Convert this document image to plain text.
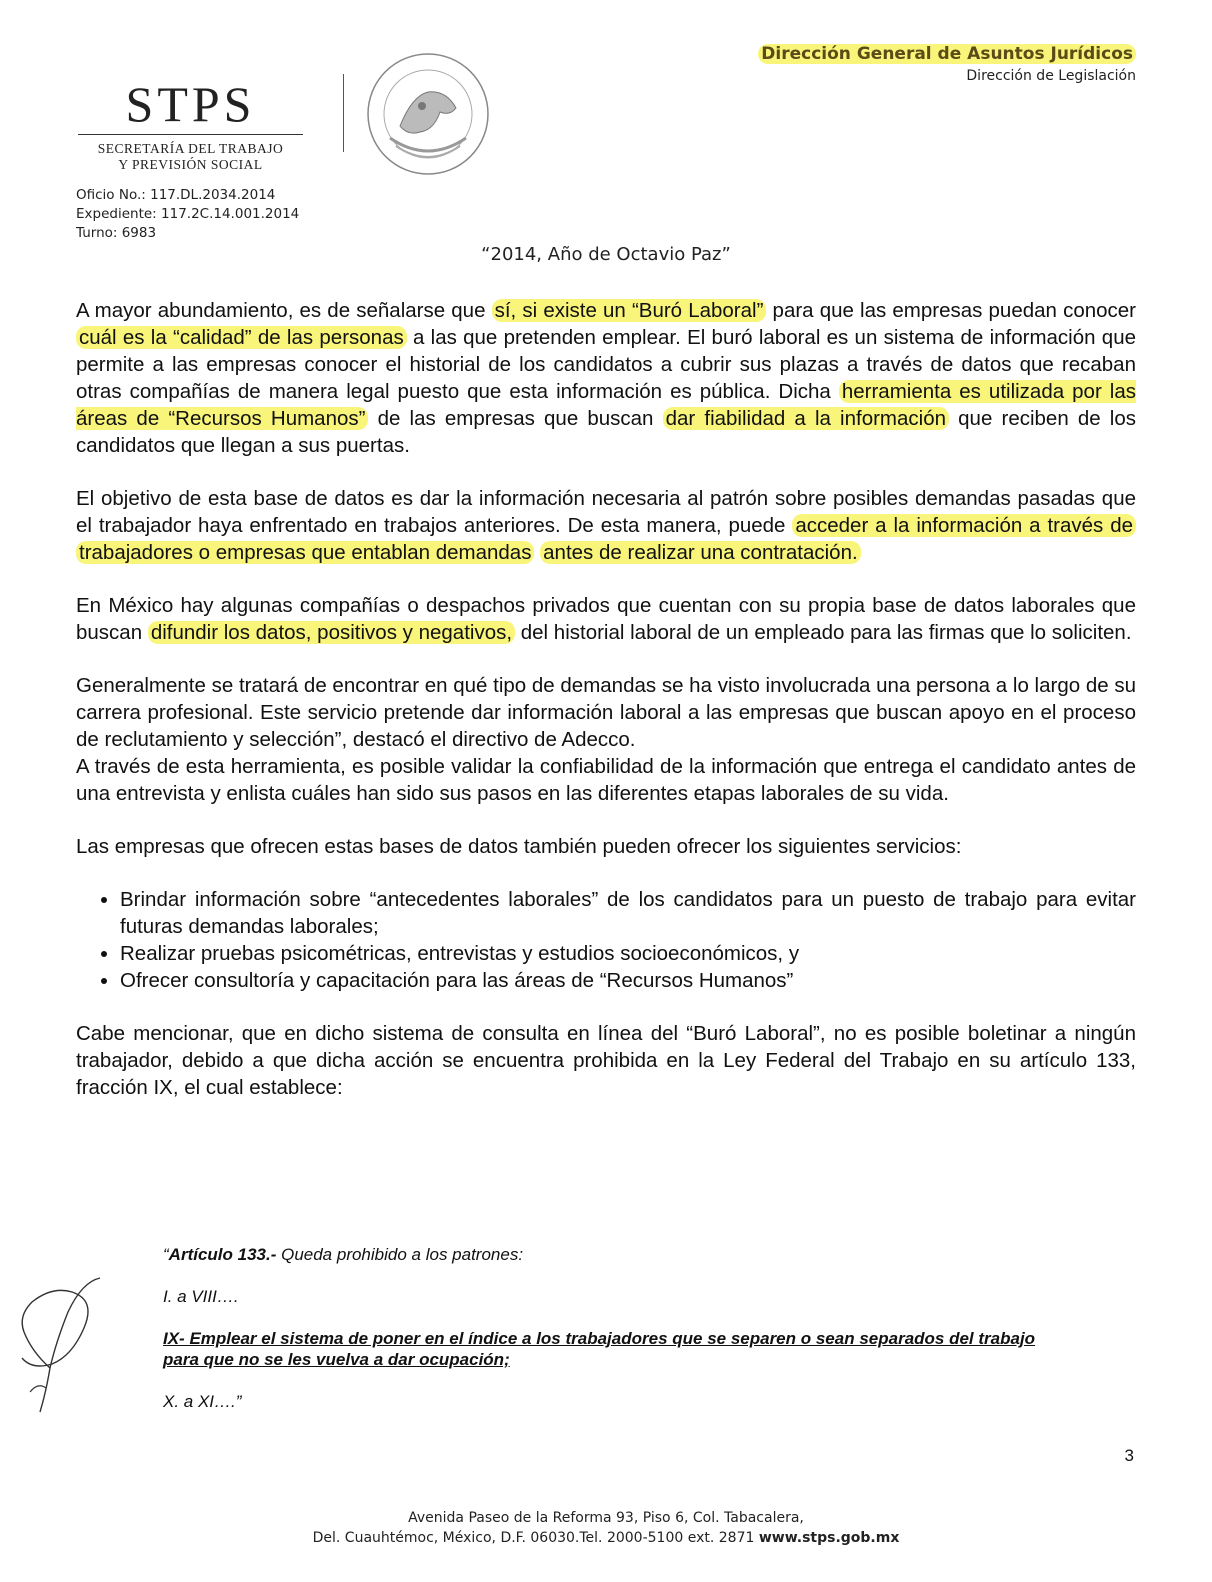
STPS
SECRETARÍA DEL TRABAJO
Y PREVISIÓN SOCIAL
Dirección General de Asuntos Jurídicos
Dirección de Legislación
Oficio No.: 117.DL.2034.2014
Expediente: 117.2C.14.001.2014
Turno: 6983
“2014, Año de Octavio Paz”

A mayor abundamiento, es de señalarse que sí, si existe un “Buró Laboral” para que las empresas puedan conocer cuál es la “calidad” de las personas a las que pretenden emplear. El buró laboral es un sistema de información que permite a las empresas conocer el historial de los candidatos a cubrir sus plazas a través de datos que recaban otras compañías de manera legal puesto que esta información es pública. Dicha herramienta es utilizada por las áreas de “Recursos Humanos” de las empresas que buscan dar fiabilidad a la información que reciben de los candidatos que llegan a sus puertas.

El objetivo de esta base de datos es dar la información necesaria al patrón sobre posibles demandas pasadas que el trabajador haya enfrentado en trabajos anteriores. De esta manera, puede acceder a la información a través de trabajadores o empresas que entablan demandas antes de realizar una contratación.

En México hay algunas compañías o despachos privados que cuentan con su propia base de datos laborales que buscan difundir los datos, positivos y negativos, del historial laboral de un empleado para las firmas que lo soliciten.

Generalmente se tratará de encontrar en qué tipo de demandas se ha visto involucrada una persona a lo largo de su carrera profesional. Este servicio pretende dar información laboral a las empresas que buscan apoyo en el proceso de reclutamiento y selección”, destacó el directivo de Adecco.

A través de esta herramienta, es posible validar la confiabilidad de la información que entrega el candidato antes de una entrevista y enlista cuáles han sido sus pasos en las diferentes etapas laborales de su vida.

Las empresas que ofrecen estas bases de datos también pueden ofrecer los siguientes servicios:

• Brindar información sobre “antecedentes laborales” de los candidatos para un puesto de trabajo para evitar futuras demandas laborales;
• Realizar pruebas psicométricas, entrevistas y estudios socioeconómicos, y
• Ofrecer consultoría y capacitación para las áreas de “Recursos Humanos”

Cabe mencionar, que en dicho sistema de consulta en línea del “Buró Laboral”, no es posible boletinar a ningún trabajador, debido a que dicha acción se encuentra prohibida en la Ley Federal del Trabajo en su artículo 133, fracción IX, el cual establece:

“Artículo 133.- Queda prohibido a los patrones:

I. a VIII….

IX- Emplear el sistema de poner en el índice a los trabajadores que se separen o sean separados del trabajo para que no se les vuelva a dar ocupación;

X. a XI….”

3
Avenida Paseo de la Reforma 93, Piso 6, Col. Tabacalera,
Del. Cuauhtémoc, México, D.F. 06030.Tel. 2000-5100 ext. 2871 www.stps.gob.mx
